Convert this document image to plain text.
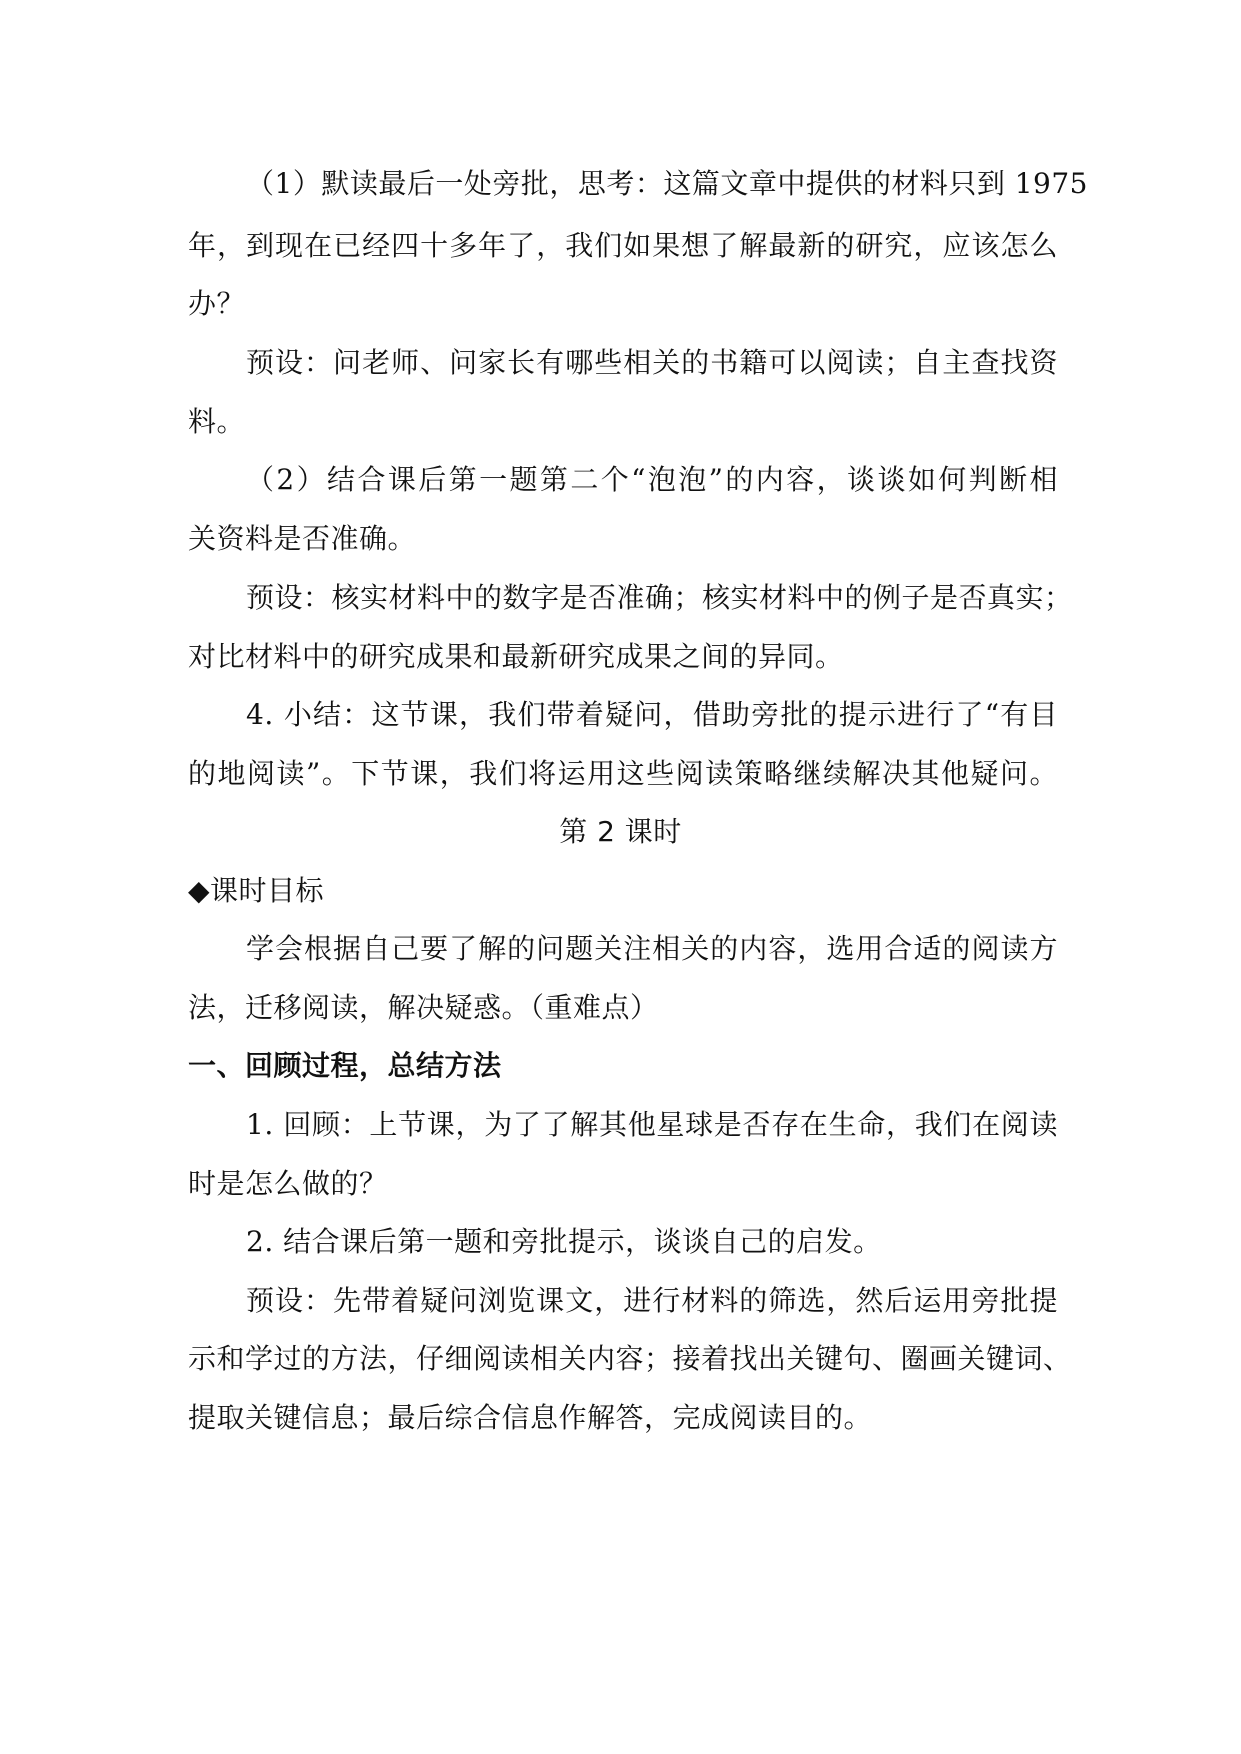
（1）默读最后一处旁批，思考：这篇文章中提供的材料只到 1975
年，到现在已经四十多年了，我们如果想了解最新的研究，应该怎么
办？
预设：问老师、问家长有哪些相关的书籍可以阅读；自主查找资
料。
（2）结合课后第一题第二个“泡泡”的内容，谈谈如何判断相
关资料是否准确。
预设：核实材料中的数字是否准确；核实材料中的例子是否真实；
对比材料中的研究成果和最新研究成果之间的异同。
4. 小结：这节课，我们带着疑问，借助旁批的提示进行了“有目
的地阅读”。下节课，我们将运用这些阅读策略继续解决其他疑问。
第 2 课时
◆课时目标
学会根据自己要了解的问题关注相关的内容，选用合适的阅读方
法，迁移阅读，解决疑惑。（重难点）
一、回顾过程，总结方法
1. 回顾：上节课，为了了解其他星球是否存在生命，我们在阅读
时是怎么做的？
2. 结合课后第一题和旁批提示，谈谈自己的启发。
预设：先带着疑问浏览课文，进行材料的筛选，然后运用旁批提
示和学过的方法，仔细阅读相关内容；接着找出关键句、圈画关键词、
提取关键信息；最后综合信息作解答，完成阅读目的。
